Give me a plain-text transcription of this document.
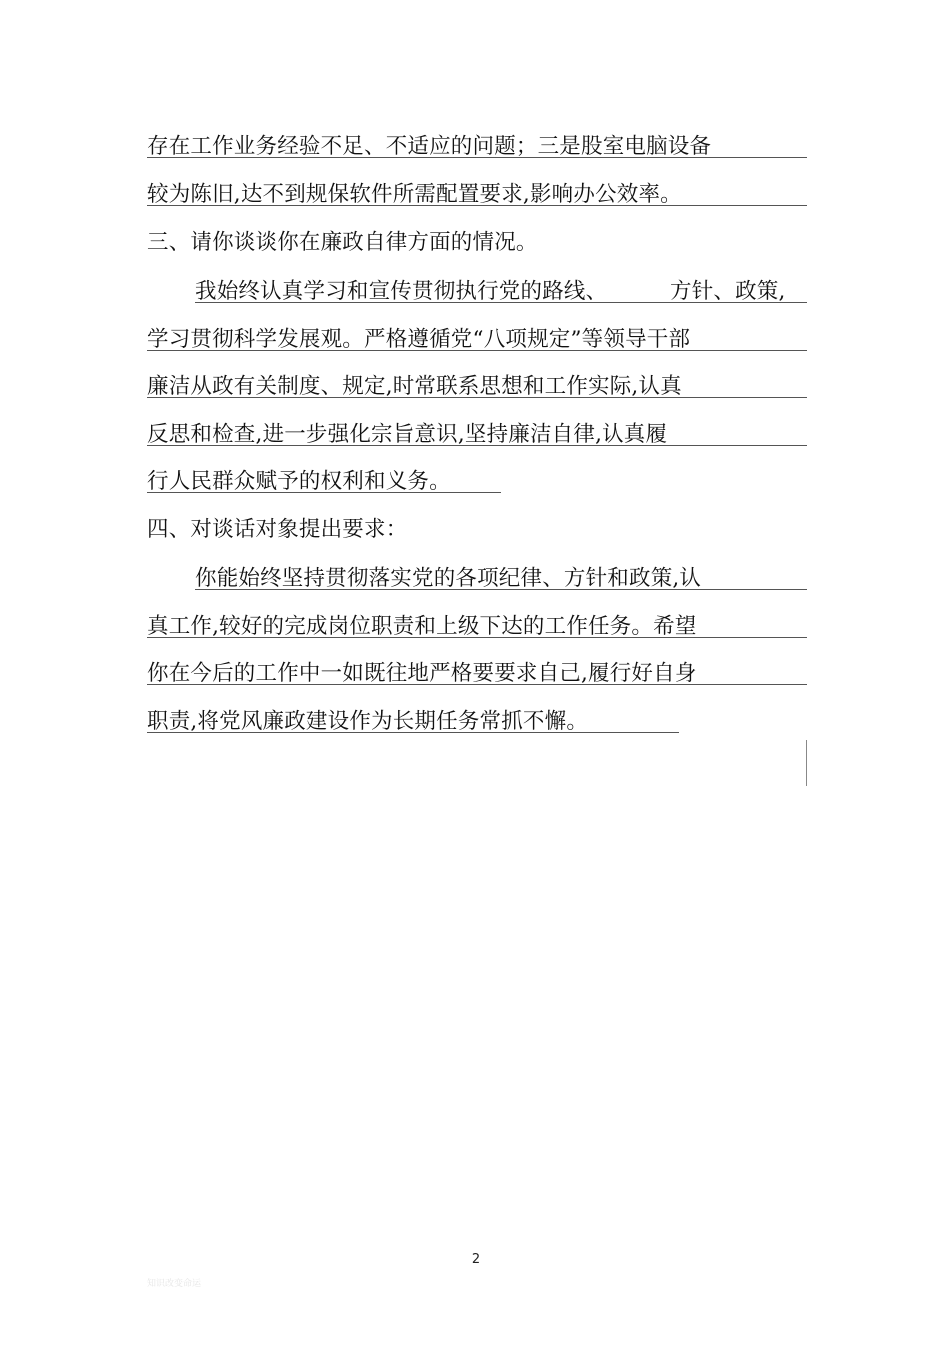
存在工作业务经验不足、不适应的问题；三是股室电脑设备
较为陈旧,达不到规保软件所需配置要求,影响办公效率。
三、请你谈谈你在廉政自律方面的情况。
我始终认真学习和宣传贯彻执行党的路线、	方针、政策,
学习贯彻科学发展观。严格遵循党“八项规定”等领导干部
廉洁从政有关制度、规定,时常联系思想和工作实际,认真
反思和检查,进一步强化宗旨意识,坚持廉洁自律,认真履
行人民群众赋予的权利和义务。
四、对谈话对象提出要求：
你能始终坚持贯彻落实党的各项纪律、方针和政策,认
真工作,较好的完成岗位职责和上级下达的工作任务。希望
你在今后的工作中一如既往地严格要要求自己,履行好自身
职责,将党风廉政建设作为长期任务常抓不懈。
2
知识改变命运
